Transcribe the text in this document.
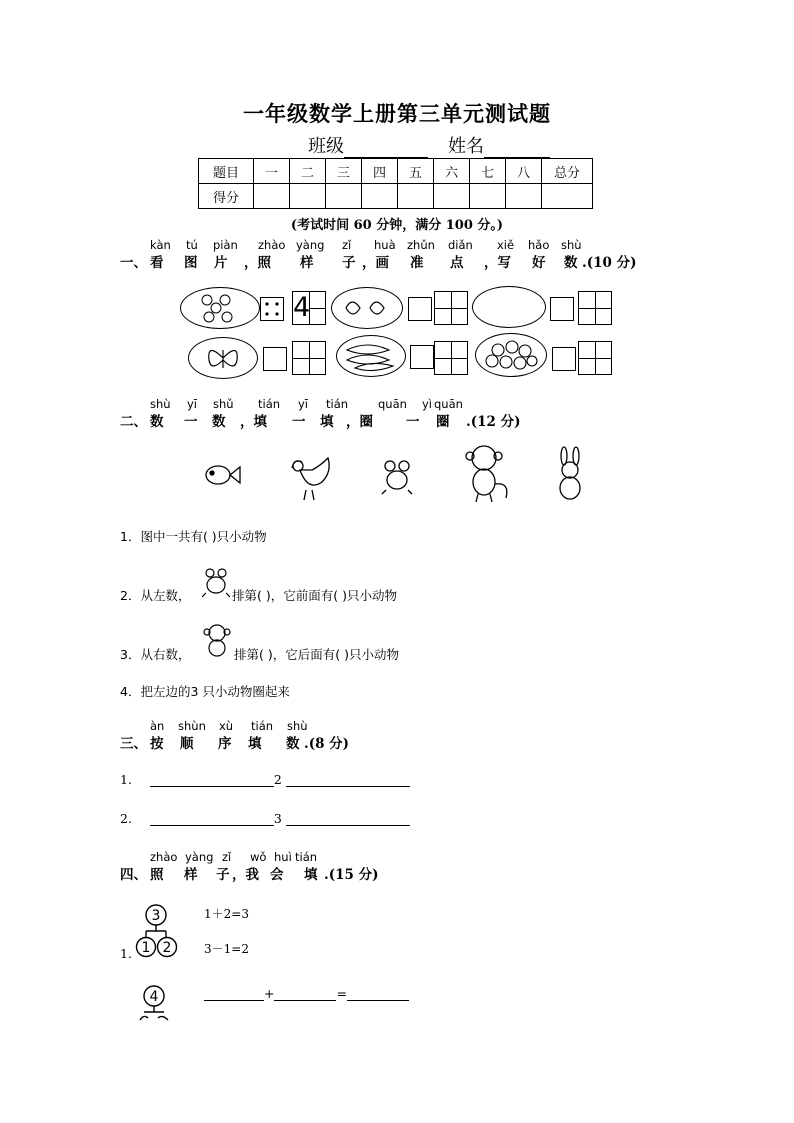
一年级数学上册第三单元测试题
班级	姓名
题目	一	二	三	四	五	六	七	八	总分
得分									
(考试时间 60 分钟，满分 100 分。)
kàn tú piàn zhào yàng zǐ huà zhǔn diǎn xiě hǎo shù
一、 看 图 片 ，照 样 子 ，画 准 点 ，写 好 数 .(10 分)
4
shù yī shǔ tián yī tián	quān yì quān
二、 数 一 数 ，填 一 填 ，圈 一 圈 .(12 分)
1．图中一共有( )只小动物
2．从左数，	排第( )，它前面有( )只小动物
3．从右数，	排第( )，它后面有( )只小动物
4．把左边的3 只小动物圈起来
àn shùn xù tián shù
三、 按 顺 序 填 数 .(8 分)
1.	2
2.	3
zhào yàng zǐ wǒ huì tián
四、 照 样 子 ，我 会 填 .(15 分)
3
1 2
1.
1＋2=3
3－1=2
4	+	=
